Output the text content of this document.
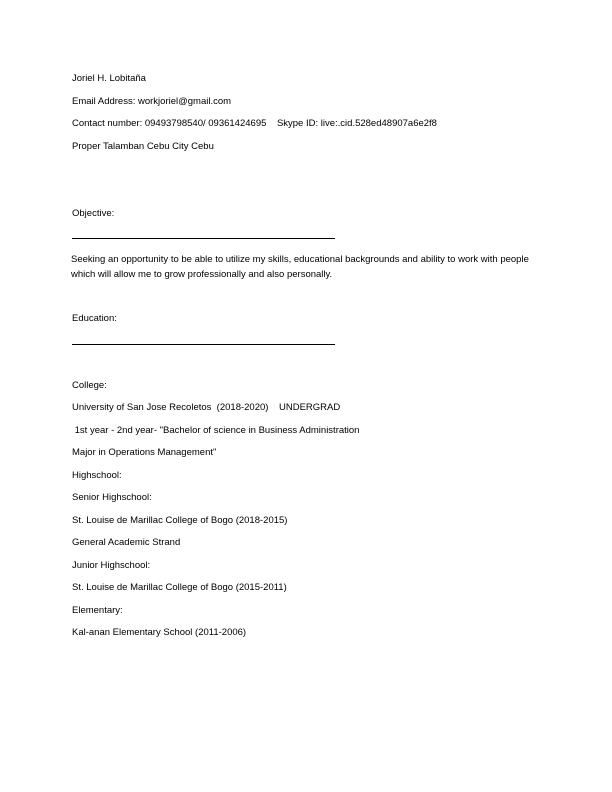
Joriel H. Lobitaña
Email Address: workjoriel@gmail.com
Contact number: 09493798540/ 09361424695    Skype ID: live:.cid.528ed48907a6e2f8
Proper Talamban Cebu City Cebu
Objective:
Seeking an opportunity to be able to utilize my skills, educational backgrounds and ability to work with people which will allow me to grow professionally and also personally.
Education:
College:
University of San Jose Recoletos  (2018-2020)    UNDERGRAD
1st year - 2nd year- "Bachelor of science in Business Administration
Major in Operations Management"
Highschool:
Senior Highschool:
St. Louise de Marillac College of Bogo (2018-2015)
General Academic Strand
Junior Highschool:
St. Louise de Marillac College of Bogo (2015-2011)
Elementary:
Kal-anan Elementary School (2011-2006)
